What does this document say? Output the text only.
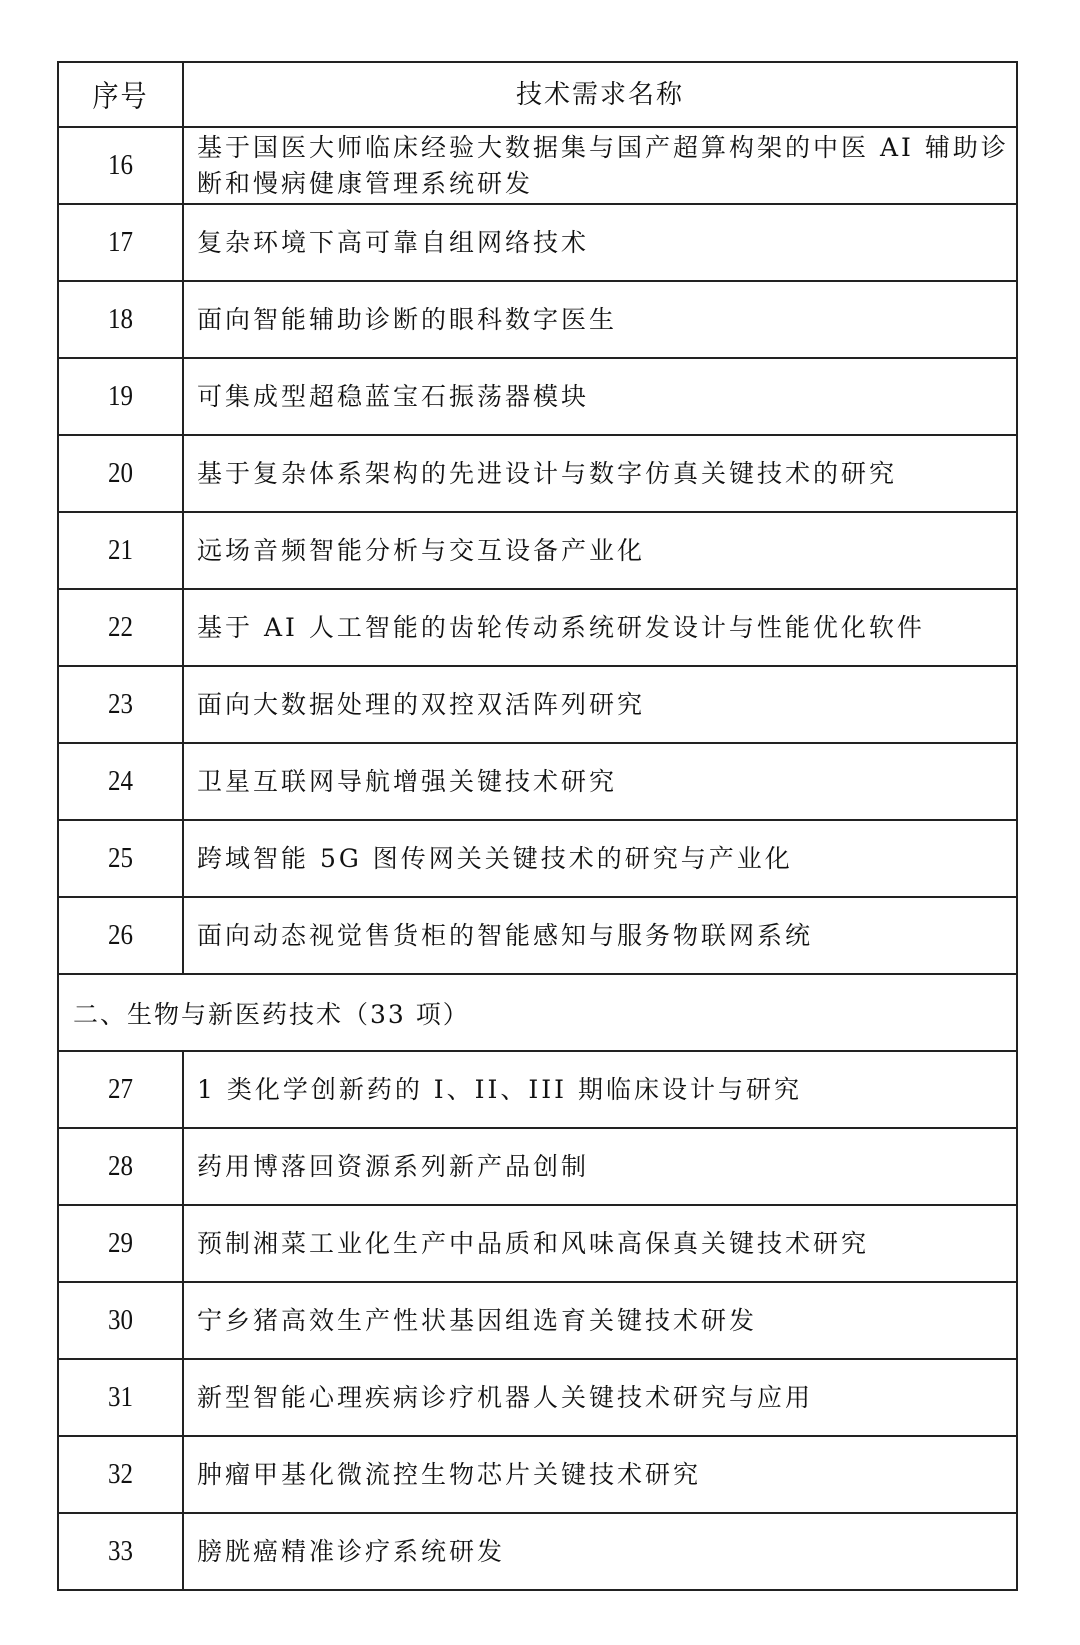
序号	技术需求名称
16	基于国医大师临床经验大数据集与国产超算构架的中医 AI 辅助诊断和慢病健康管理系统研发
17	复杂环境下高可靠自组网络技术
18	面向智能辅助诊断的眼科数字医生
19	可集成型超稳蓝宝石振荡器模块
20	基于复杂体系架构的先进设计与数字仿真关键技术的研究
21	远场音频智能分析与交互设备产业化
22	基于 AI 人工智能的齿轮传动系统研发设计与性能优化软件
23	面向大数据处理的双控双活阵列研究
24	卫星互联网导航增强关键技术研究
25	跨域智能 5G 图传网关关键技术的研究与产业化
26	面向动态视觉售货柜的智能感知与服务物联网系统
二、生物与新医药技术（33 项）	
27	1 类化学创新药的 I、II、III 期临床设计与研究
28	药用博落回资源系列新产品创制
29	预制湘菜工业化生产中品质和风味高保真关键技术研究
30	宁乡猪高效生产性状基因组选育关键技术研发
31	新型智能心理疾病诊疗机器人关键技术研究与应用
32	肿瘤甲基化微流控生物芯片关键技术研究
33	膀胱癌精准诊疗系统研发
